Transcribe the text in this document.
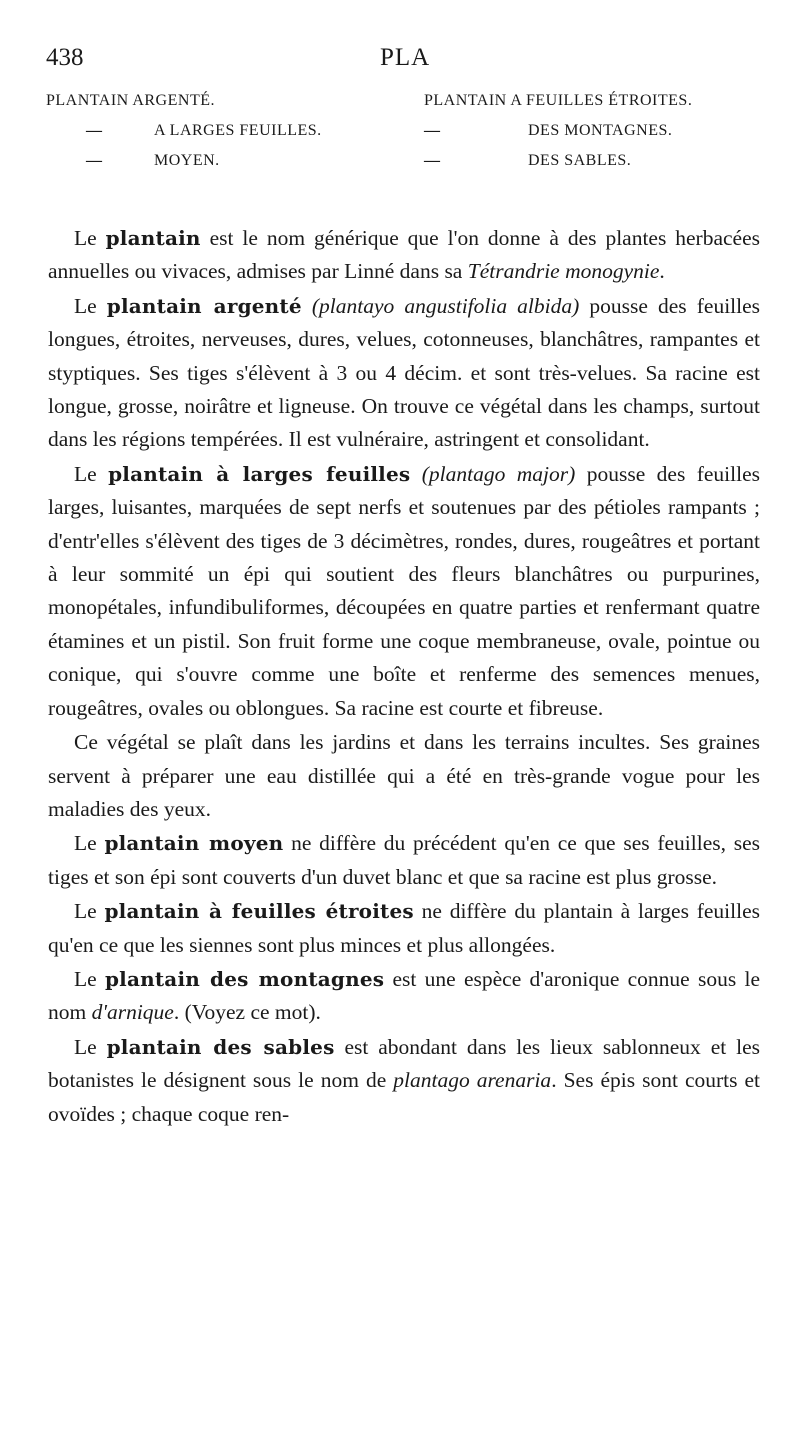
438	PLA
PLANTAIN ARGENTÉ.	PLANTAIN A FEUILLES ÉTROITES.
—	A LARGES FEUILLES.	—	DES MONTAGNES.
—	MOYEN.	—	DES SABLES.

Le plantain est le nom générique que l'on donne à des plantes herbacées annuelles ou vivaces, admises par Linné dans sa Tétrandrie monogynie.

Le plantain argenté (plantayo angustifolia albida) pousse des feuilles longues, étroites, nerveuses, dures, velues, cotonneuses, blanchâtres, rampantes et styptiques. Ses tiges s'élèvent à 3 ou 4 décim. et sont très-velues. Sa racine est longue, grosse, noirâtre et ligneuse. On trouve ce végétal dans les champs, surtout dans les régions tempérées. Il est vulnéraire, astringent et consolidant.

Le plantain à larges feuilles (plantago major) pousse des feuilles larges, luisantes, marquées de sept nerfs et soutenues par des pétioles rampants ; d'entr'elles s'élèvent des tiges de 3 décimètres, rondes, dures, rougeâtres et portant à leur sommité un épi qui soutient des fleurs blanchâtres ou purpurines, monopétales, infundibuliformes, découpées en quatre parties et renfermant quatre étamines et un pistil. Son fruit forme une coque membraneuse, ovale, pointue ou conique, qui s'ouvre comme une boîte et renferme des semences menues, rougeâtres, ovales ou oblongues. Sa racine est courte et fibreuse.

Ce végétal se plaît dans les jardins et dans les terrains incultes. Ses graines servent à préparer une eau distillée qui a été en très-grande vogue pour les maladies des yeux.

Le plantain moyen ne diffère du précédent qu'en ce que ses feuilles, ses tiges et son épi sont couverts d'un duvet blanc et que sa racine est plus grosse.

Le plantain à feuilles étroites ne diffère du plantain à larges feuilles qu'en ce que les siennes sont plus minces et plus allongées.

Le plantain des montagnes est une espèce d'aronique connue sous le nom d'arnique. (Voyez ce mot).

Le plantain des sables est abondant dans les lieux sablonneux et les botanistes le désignent sous le nom de plantago arenaria. Ses épis sont courts et ovoïdes ; chaque coque ren-
